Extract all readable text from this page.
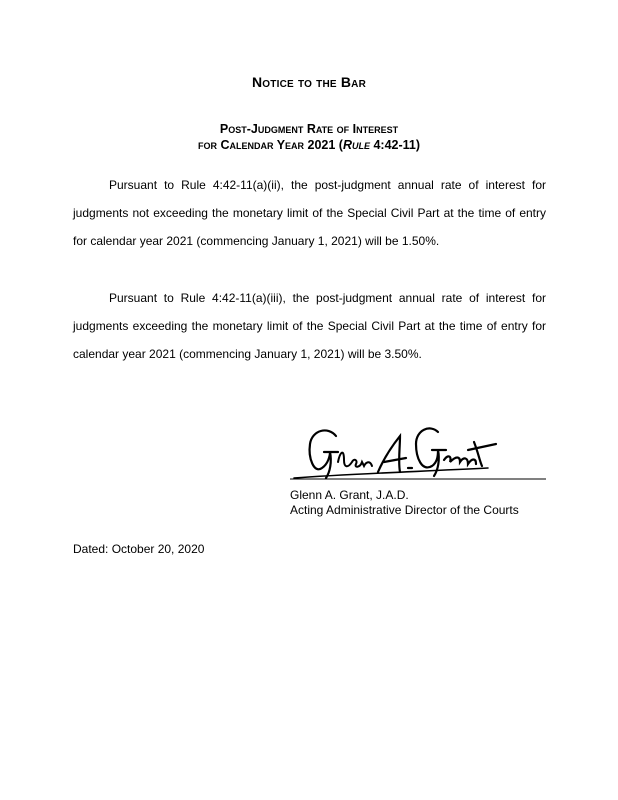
Notice to the Bar
Post-Judgment Rate of Interest
for Calendar Year 2021 (Rule 4:42-11)

Pursuant to Rule 4:42-11(a)(ii), the post-judgment annual rate of interest for judgments not exceeding the monetary limit of the Special Civil Part at the time of entry for calendar year 2021 (commencing January 1, 2021) will be 1.50%.

Pursuant to Rule 4:42-11(a)(iii), the post-judgment annual rate of interest for judgments exceeding the monetary limit of the Special Civil Part at the time of entry for calendar year 2021 (commencing January 1, 2021) will be 3.50%.

Glenn A. Grant, J.A.D.
Acting Administrative Director of the Courts
Dated: October 20, 2020
